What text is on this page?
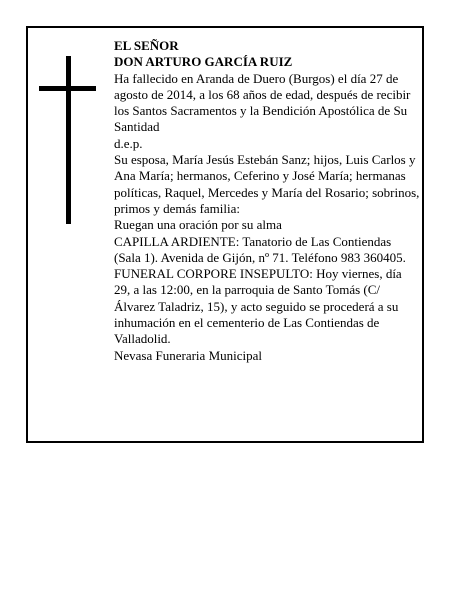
EL SEÑOR

DON ARTURO GARCÍA RUIZ

Ha fallecido en Aranda de Duero (Burgos) el día 27 de agosto de 2014, a los 68 años de edad, después de recibir los Santos Sacramentos y la Bendición Apostólica de Su Santidad

d.e.p.

Su esposa, María Jesús Estebán Sanz; hijos, Luis Carlos y Ana María; hermanos, Ceferino y José María; hermanas políticas, Raquel, Mercedes y María del Rosario; sobrinos, primos y demás familia:

Ruegan una oración por su alma

CAPILLA ARDIENTE: Tanatorio de Las Contiendas (Sala 1). Avenida de Gijón, nº 71. Teléfono 983 360405.

FUNERAL CORPORE INSEPULTO: Hoy viernes, día 29, a las 12:00, en la parroquia de Santo Tomás (C/Álvarez Taladriz, 15), y acto seguido se procederá a su inhumación en el cementerio de Las Contiendas de Valladolid.

Nevasa Funeraria Municipal
